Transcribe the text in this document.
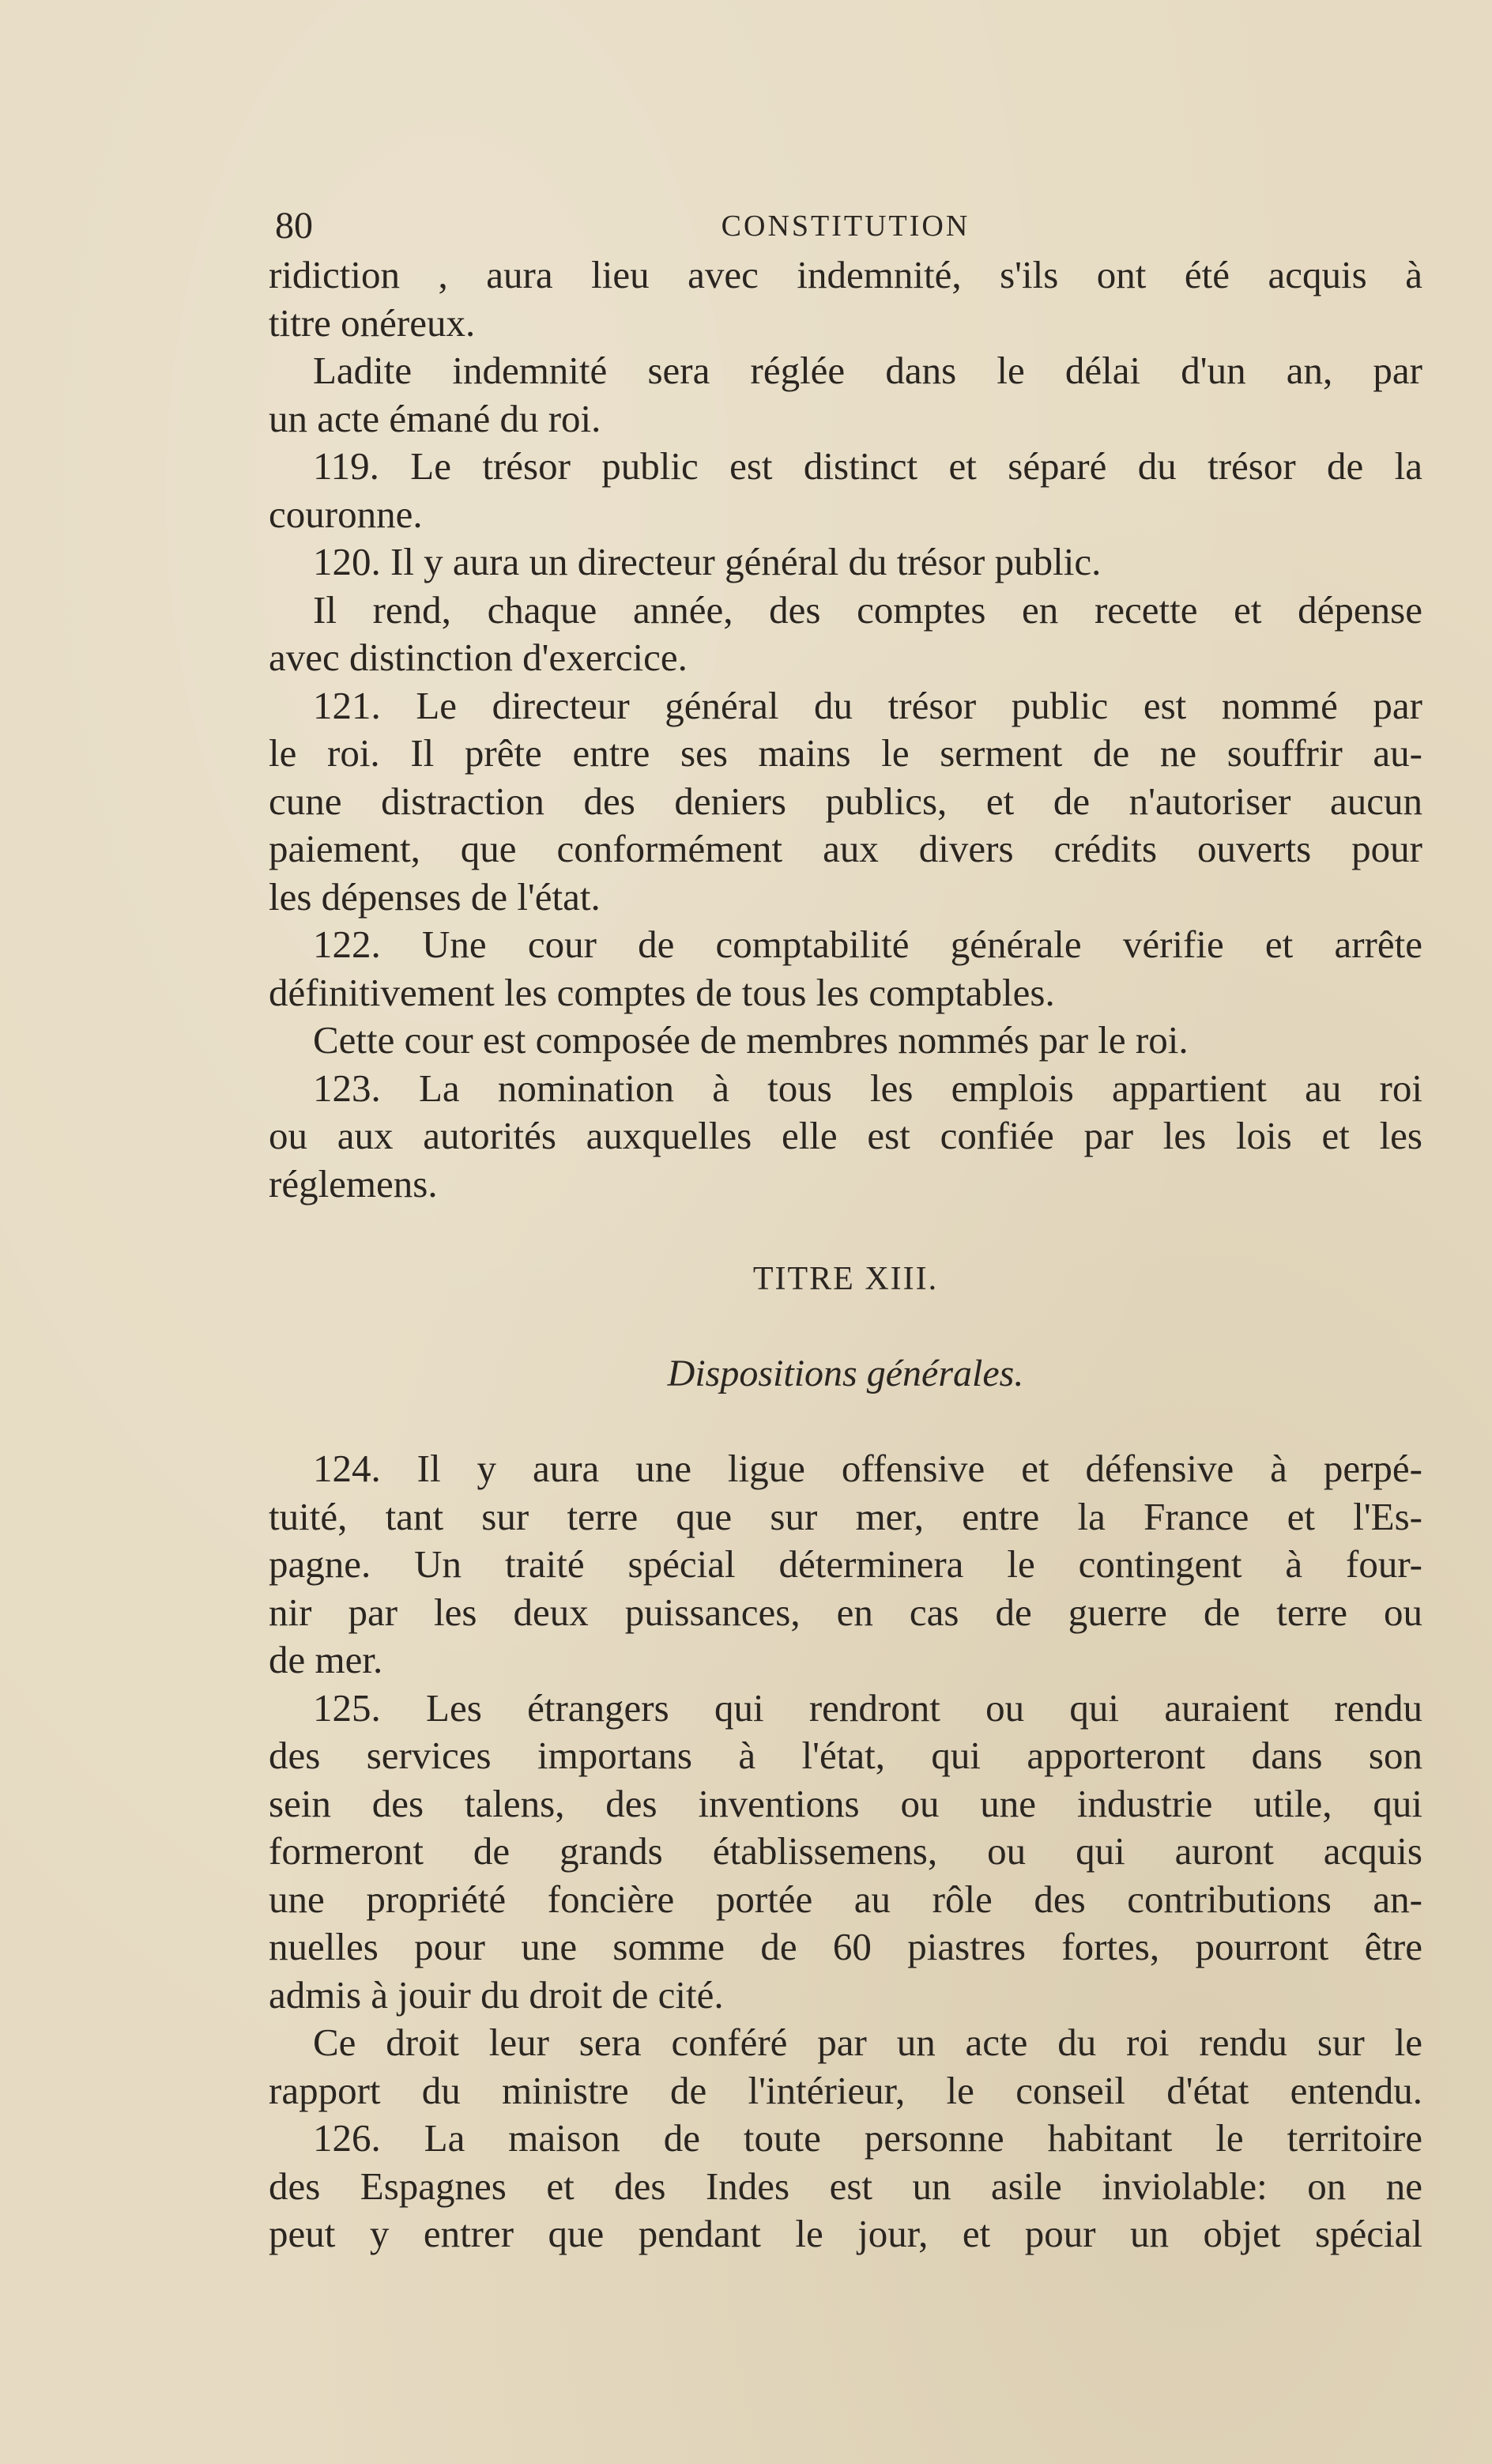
80	CONSTITUTION

ridiction , aura lieu avec indemnité, s'ils ont été acquis à

titre onéreux.

Ladite indemnité sera réglée dans le délai d'un an, par

un acte émané du roi.

119. Le trésor public est distinct et séparé du trésor de la

couronne.

120. Il y aura un directeur général du trésor public.

Il rend, chaque année, des comptes en recette et dépense

avec distinction d'exercice.

121. Le directeur général du trésor public est nommé par

le roi. Il prête entre ses mains le serment de ne souffrir au-

cune distraction des deniers publics, et de n'autoriser aucun

paiement, que conformément aux divers crédits ouverts pour

les dépenses de l'état.

122. Une cour de comptabilité générale vérifie et arrête

définitivement les comptes de tous les comptables.

Cette cour est composée de membres nommés par le roi.

123. La nomination à tous les emplois appartient au roi

ou aux autorités auxquelles elle est confiée par les lois et les

réglemens.

TITRE XIII.
Dispositions générales.

124. Il y aura une ligue offensive et défensive à perpé-

tuité, tant sur terre que sur mer, entre la France et l'Es-

pagne. Un traité spécial déterminera le contingent à four-

nir par les deux puissances, en cas de guerre de terre ou

de mer.

125. Les étrangers qui rendront ou qui auraient rendu

des services importans à l'état, qui apporteront dans son

sein des talens, des inventions ou une industrie utile, qui

formeront de grands établissemens, ou qui auront acquis

une propriété foncière portée au rôle des contributions an-

nuelles pour une somme de 60 piastres fortes, pourront être

admis à jouir du droit de cité.

Ce droit leur sera conféré par un acte du roi rendu sur le

rapport du ministre de l'intérieur, le conseil d'état entendu.

126. La maison de toute personne habitant le territoire

des Espagnes et des Indes est un asile inviolable: on ne

peut y entrer que pendant le jour, et pour un objet spécial
